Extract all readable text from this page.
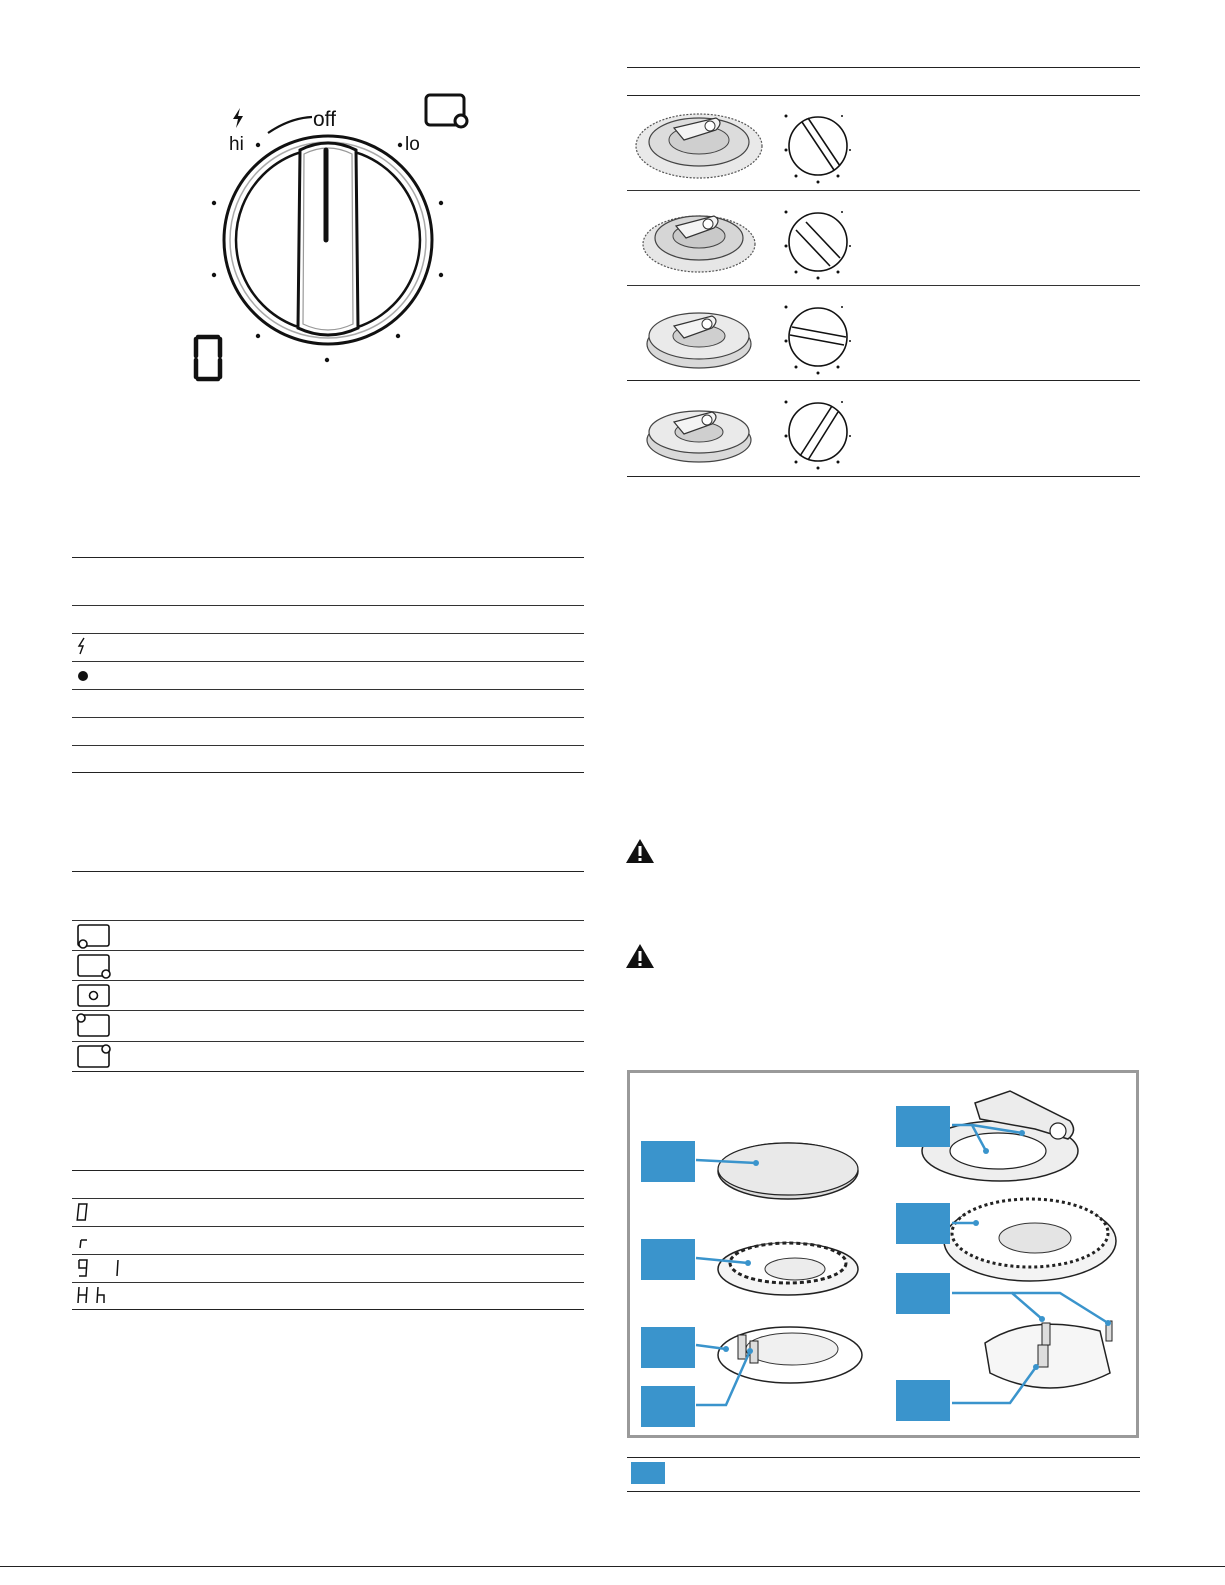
off
hi	lo
